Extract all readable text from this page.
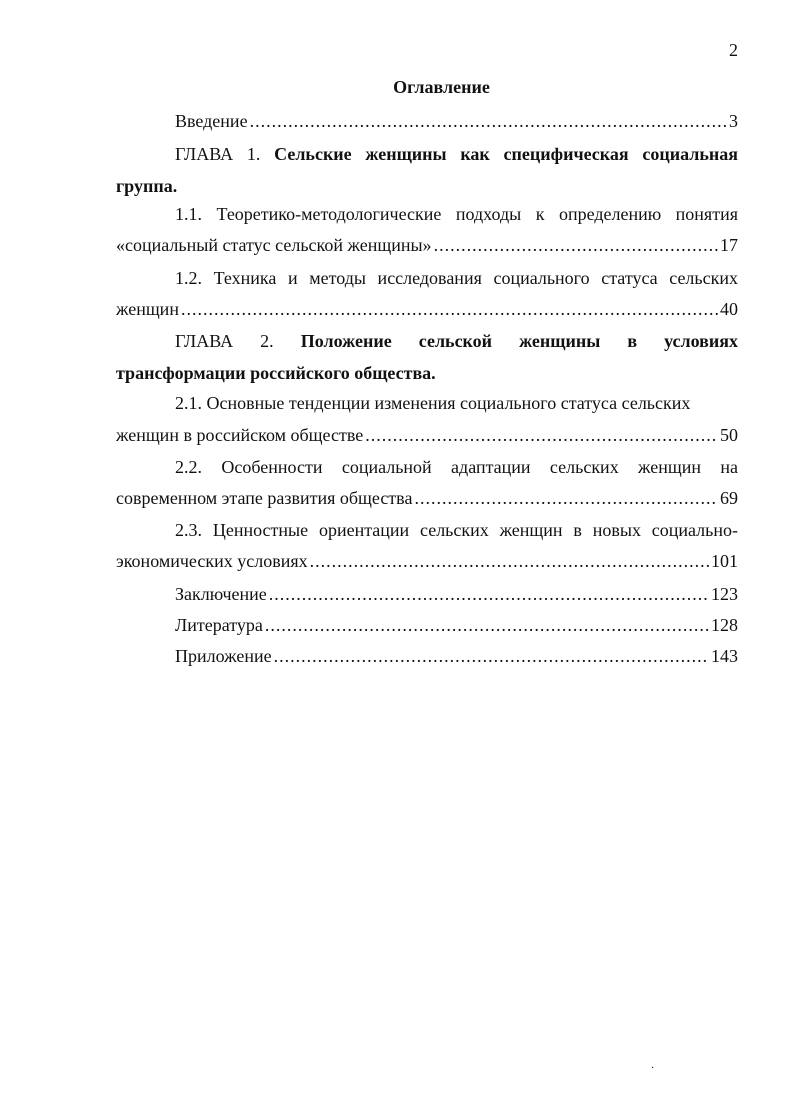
2
Оглавление
Введение .....	3
ГЛАВА 1. Сельские женщины как специфическая социальная
группа.
1.1. Теоретико-методологические подходы к определению понятия
«социальный статус сельской женщины» .....	17
1.2. Техника и методы исследования социального статуса сельских
женщин .....	40
ГЛАВА 2. Положение сельской женщины в условиях
трансформации российского общества.
2.1. Основные тенденции изменения социального статуса сельских
женщин в российском обществе .....	50
2.2. Особенности социальной адаптации сельских женщин на
современном этапе развития общества .....	69
2.3. Ценностные ориентации сельских женщин в новых социально-
экономических условиях .....	101
Заключение .....	123
Литература .....	128
Приложение .....	143
·
